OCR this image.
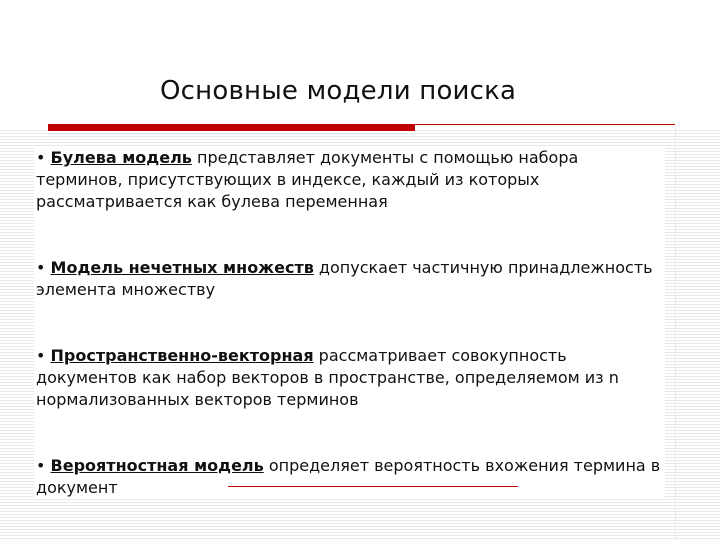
Основные модели поиска
• Булева модель представляет документы с помощью набора терминов, присутствующих в индексе, каждый из которых рассматривается как булева переменная
• Модель нечетных множеств допускает частичную принадлежность элемента множеству
• Пространственно-векторная рассматривает совокупность документов как набор векторов в пространстве, определяемом из n нормализованных векторов терминов
• Вероятностная модель определяет вероятность вхожения термина в документ
